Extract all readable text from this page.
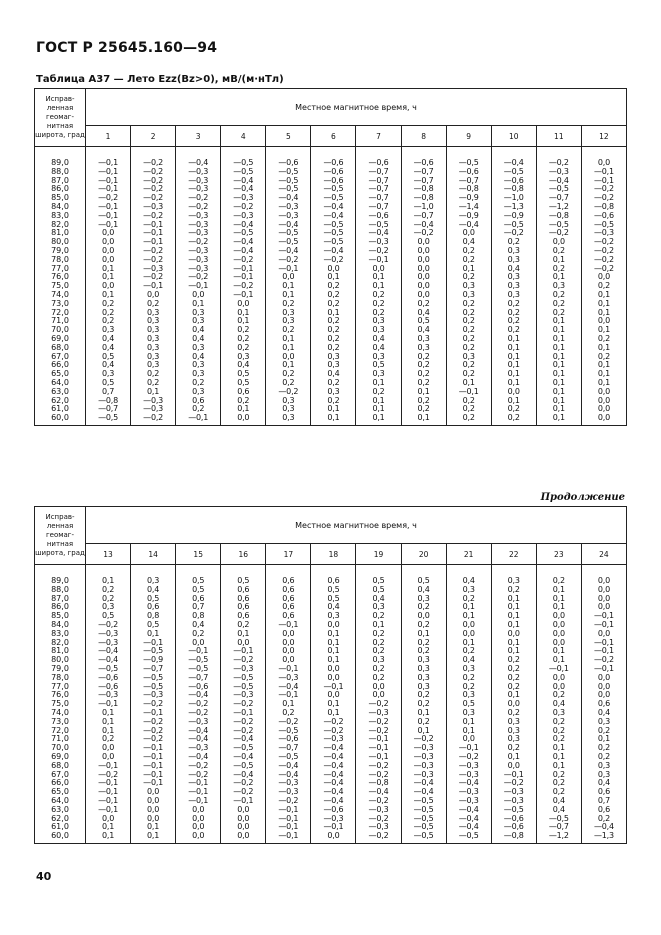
ГОСТ Р 25645.160—94
Таблица А37 — Лето Ezz(Bz>0), мВ/(м·нТл)
Исправ-ленная геомаг-нитная широта, град	Местное магнитное время, ч											
	1	2	3	4	5	6	7	8	9	10	11	12
89,0	—0,1	—0,2	—0,4	—0,5	—0,6	—0,6	—0,6	—0,6	—0,5	—0,4	—0,2	0,0
88,0	—0,1	—0,2	—0,3	—0,5	—0,5	—0,6	—0,7	—0,7	—0,6	—0,5	—0,3	—0,1
87,0	—0,1	—0,2	—0,3	—0,4	—0,5	—0,6	—0,7	—0,7	—0,7	—0,6	—0,4	—0,1
86,0	—0,1	—0,2	—0,3	—0,4	—0,5	—0,5	—0,7	—0,8	—0,8	—0,8	—0,5	—0,2
85,0	—0,2	—0,2	—0,2	—0,3	—0,4	—0,5	—0,7	—0,8	—0,9	—1,0	—0,7	—0,2
84,0	—0,1	—0,3	—0,2	—0,2	—0,3	—0,4	—0,7	—1,0	—1,4	—1,3	—1,2	—0,8
83,0	—0,1	—0,2	—0,3	—0,3	—0,3	—0,4	—0,6	—0,7	—0,9	—0,9	—0,8	—0,6
82,0	—0,1	—0,1	—0,3	—0,4	—0,4	—0,5	—0,5	—0,4	—0,4	—0,5	—0,5	—0,5
81,0	0,0	—0,1	—0,3	—0,5	—0,5	—0,5	—0,4	—0,2	0,0	—0,2	—0,2	—0,3
80,0	0,0	—0,1	—0,2	—0,4	—0,5	—0,5	—0,3	0,0	0,4	0,2	0,0	—0,2
79,0	0,0	—0,2	—0,3	—0,4	—0,4	—0,4	—0,2	0,0	0,2	0,3	0,2	—0,2
78,0	0,0	—0,2	—0,3	—0,2	—0,2	—0,2	—0,1	0,0	0,2	0,3	0,1	—0,2
77,0	0,1	—0,3	—0,3	—0,1	—0,1	0,0	0,0	0,0	0,1	0,4	0,2	—0,2
76,0	0,1	—0,2	—0,2	—0,1	0,0	0,1	0,1	0,0	0,2	0,3	0,1	0,0
75,0	0,0	—0,1	—0,1	—0,2	0,1	0,2	0,1	0,0	0,3	0,3	0,3	0,2
74,0	0,1	0,0	0,0	—0,1	0,1	0,2	0,2	0,0	0,3	0,3	0,2	0,1
73,0	0,2	0,2	0,1	0,0	0,2	0,2	0,2	0,2	0,2	0,2	0,2	0,1
72,0	0,2	0,3	0,3	0,1	0,3	0,1	0,2	0,4	0,2	0,2	0,2	0,1
71,0	0,2	0,3	0,3	0,1	0,3	0,2	0,3	0,5	0,2	0,2	0,1	0,0
70,0	0,3	0,3	0,4	0,2	0,2	0,2	0,3	0,4	0,2	0,2	0,1	0,1
69,0	0,4	0,3	0,4	0,2	0,1	0,2	0,4	0,3	0,2	0,1	0,1	0,2
68,0	0,4	0,3	0,3	0,2	0,1	0,2	0,4	0,3	0,2	0,1	0,1	0,1
67,0	0,5	0,3	0,4	0,3	0,0	0,3	0,3	0,2	0,3	0,1	0,1	0,2
66,0	0,4	0,3	0,3	0,4	0,1	0,3	0,5	0,2	0,2	0,1	0,1	0,1
65,0	0,3	0,2	0,3	0,5	0,2	0,4	0,3	0,2	0,2	0,1	0,1	0,1
64,0	0,5	0,2	0,2	0,5	0,2	0,2	0,1	0,2	0,1	0,1	0,1	0,1
63,0	0,7	0,1	0,3	0,6	—0,2	0,3	0,2	0,1	—0,1	0,0	0,1	0,0
62,0	—0,8	—0,3	0,6	0,2	0,3	0,2	0,1	0,2	0,2	0,1	0,1	0,0
61,0	—0,7	—0,3	0,2	0,1	0,3	0,1	0,1	0,2	0,2	0,2	0,1	0,0
60,0	—0,5	—0,2	—0,1	0,0	0,3	0,1	0,1	0,1	0,2	0,2	0,1	0,0
Продолжение
Исправ-ленная геомаг-нитная широта, град	Местное магнитное время, ч											
	13	14	15	16	17	18	19	20	21	22	23	24
89,0	0,1	0,3	0,5	0,5	0,6	0,6	0,5	0,5	0,4	0,3	0,2	0,0
88,0	0,2	0,4	0,5	0,6	0,6	0,5	0,5	0,4	0,3	0,2	0,1	0,0
87,0	0,2	0,5	0,6	0,6	0,6	0,5	0,4	0,3	0,2	0,1	0,1	0,0
86,0	0,3	0,6	0,7	0,6	0,6	0,4	0,3	0,2	0,1	0,1	0,1	0,0
85,0	0,5	0,8	0,8	0,6	0,6	0,3	0,2	0,0	0,1	0,1	0,0	—0,1
84,0	—0,2	0,5	0,4	0,2	—0,1	0,0	0,1	0,2	0,0	0,1	0,0	—0,1
83,0	—0,3	0,1	0,2	0,1	0,0	0,1	0,2	0,1	0,0	0,0	0,0	0,0
82,0	—0,3	—0,1	0,0	0,0	0,0	0,1	0,2	0,2	0,1	0,1	0,0	—0,1
81,0	—0,4	—0,5	—0,1	—0,1	0,0	0,1	0,2	0,2	0,2	0,1	0,1	—0,1
80,0	—0,4	—0,9	—0,5	—0,2	0,0	0,1	0,3	0,3	0,4	0,2	0,1	—0,2
79,0	—0,5	—0,7	—0,5	—0,3	—0,1	0,0	0,2	0,3	0,3	0,2	—0,1	—0,1
78,0	—0,6	—0,5	—0,7	—0,5	—0,3	0,0	0,2	0,3	0,2	0,2	0,0	0,0
77,0	—0,6	—0,5	—0,6	—0,5	—0,4	—0,1	0,0	0,3	0,2	0,2	0,0	0,0
76,0	—0,3	—0,3	—0,4	—0,3	—0,1	0,0	0,0	0,2	0,3	0,1	0,2	0,0
75,0	—0,1	—0,2	—0,2	—0,2	0,1	0,1	—0,2	0,2	0,5	0,0	0,4	0,6
74,0	0,1	—0,1	—0,2	—0,1	0,2	0,1	—0,3	0,1	0,3	0,2	0,3	0,4
73,0	0,1	—0,2	—0,3	—0,2	—0,2	—0,2	—0,2	0,2	0,1	0,3	0,2	0,3
72,0	0,1	—0,2	—0,4	—0,2	—0,5	—0,2	—0,2	0,1	0,1	0,3	0,2	0,2
71,0	0,2	—0,2	—0,4	—0,4	—0,6	—0,3	—0,1	—0,2	0,0	0,3	0,2	0,1
70,0	0,0	—0,1	—0,3	—0,5	—0,7	—0,4	—0,1	—0,3	—0,1	0,2	0,1	0,2
69,0	0,0	—0,1	—0,4	—0,4	—0,5	—0,4	—0,1	—0,3	—0,2	0,1	0,1	0,2
68,0	—0,1	—0,1	—0,2	—0,5	—0,4	—0,4	—0,2	—0,3	—0,3	0,0	0,1	0,3
67,0	—0,2	—0,1	—0,2	—0,4	—0,4	—0,4	—0,2	—0,3	—0,3	—0,1	0,2	0,3
66,0	—0,1	—0,1	—0,1	—0,2	—0,3	—0,4	—0,8	—0,4	—0,4	—0,2	0,2	0,4
65,0	—0,1	0,0	—0,1	—0,2	—0,3	—0,4	—0,4	—0,4	—0,3	—0,3	0,2	0,6
64,0	—0,1	0,0	—0,1	—0,1	—0,2	—0,4	—0,2	—0,5	—0,3	—0,3	0,4	0,7
63,0	—0,1	0,0	0,0	0,0	—0,1	—0,6	—0,3	—0,5	—0,4	—0,5	0,4	0,6
62,0	0,0	0,0	0,0	0,0	—0,1	—0,3	—0,2	—0,5	—0,4	—0,6	—0,5	0,2
61,0	0,1	0,1	0,0	0,0	—0,1	—0,1	—0,3	—0,5	—0,4	—0,6	—0,7	—0,4
60,0	0,1	0,1	0,0	0,0	—0,1	0,0	—0,2	—0,5	—0,5	—0,8	—1,2	—1,3
40
